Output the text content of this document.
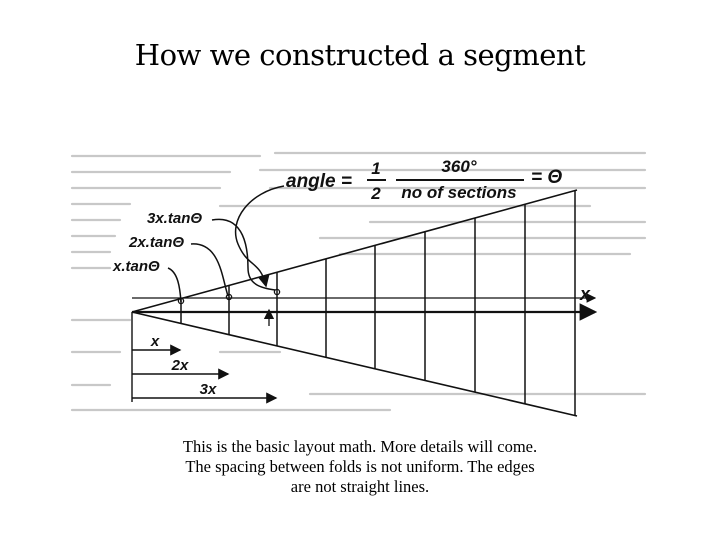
How we constructed a segment
angle =
1
2
360°
no of sections
= Θ
3x.tanΘ
2x.tanΘ
x.tanΘ
x
x
2x
3x
This is the basic layout math. More details will come.
The spacing between folds is not uniform. The edges
are not straight lines.
